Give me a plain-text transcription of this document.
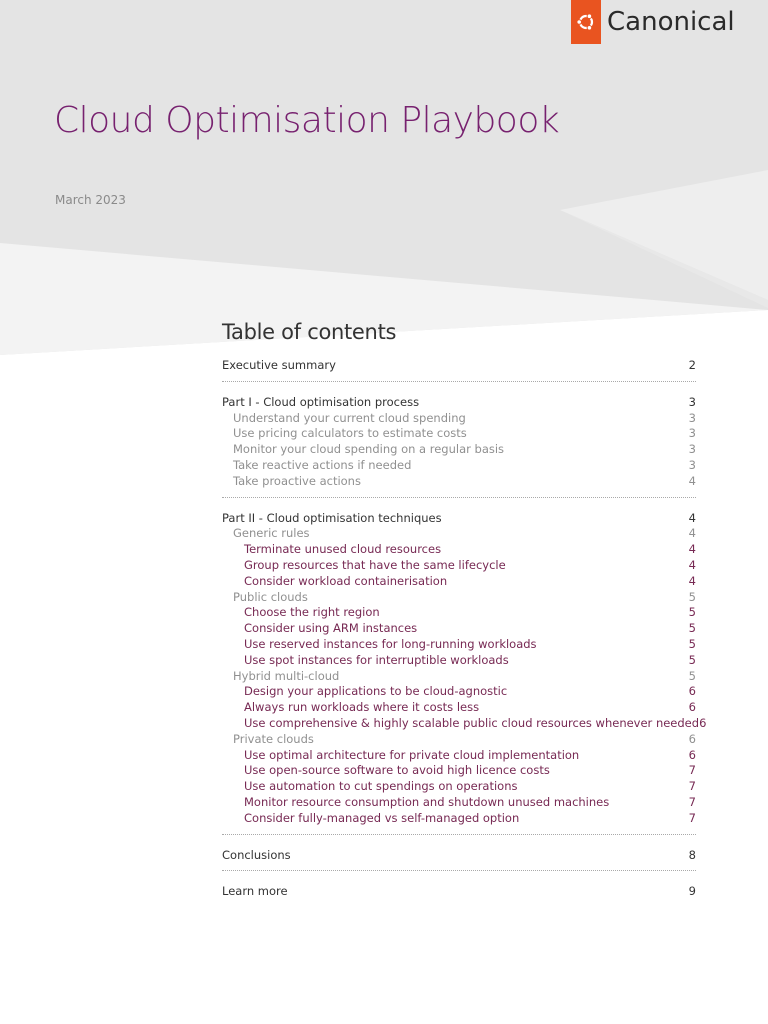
Canonical
Cloud Optimisation Playbook
March 2023
Table of contents
Executive summary	2
Part I - Cloud optimisation process	3
Understand your current cloud spending	3
Use pricing calculators to estimate costs	3
Monitor your cloud spending on a regular basis	3
Take reactive actions if needed	3
Take proactive actions	4
Part II - Cloud optimisation techniques	4
Generic rules	4
Terminate unused cloud resources	4
Group resources that have the same lifecycle	4
Consider workload containerisation	4
Public clouds	5
Choose the right region	5
Consider using ARM instances	5
Use reserved instances for long-running workloads	5
Use spot instances for interruptible workloads	5
Hybrid multi-cloud	5
Design your applications to be cloud-agnostic	6
Always run workloads where it costs less	6
Use comprehensive & highly scalable public cloud resources whenever needed 6
Private clouds	6
Use optimal architecture for private cloud implementation	6
Use open-source software to avoid high licence costs	7
Use automation to cut spendings on operations	7
Monitor resource consumption and shutdown unused machines	7
Consider fully-managed vs self-managed option	7
Conclusions	8
Learn more	9
